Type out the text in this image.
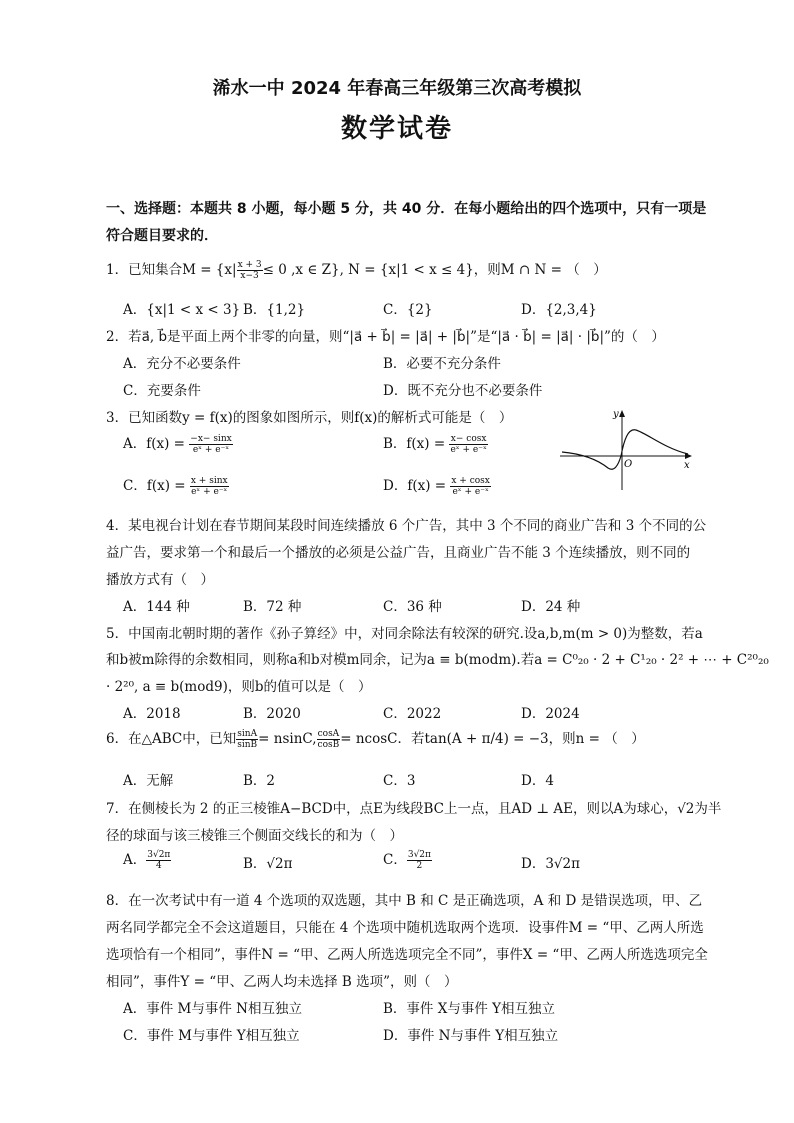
浠水一中 2024 年春高三年级第三次高考模拟
数学试卷
一、选择题：本题共 8 小题，每小题 5 分，共 40 分．在每小题给出的四个选项中，只有一项是符合题目要求的．
1．已知集合$M = \{x| \frac{x + 3}{x-3} \le 0$ ,x ∈ Z}, N = {x|1 < x ≤ 4}，则M ∩ N = （　）
A．{x|1 < x < 3} B．{1,2}	C．{2}	D．{2,3,4}
2．若a⃗, b⃗是平面上两个非零的向量，则“|a⃗ + b⃗| = |a⃗| + |b⃗|”是“|a⃗ · b⃗| = |a⃗| · |b⃗|”的（　）
A．充分不必要条件	B．必要不充分条件
C．充要条件	D．既不充分也不必要条件
3．已知函数y = f(x)的图象如图所示，则f(x)的解析式可能是（　）
A．$f(x) = \frac{-x- \sin x}{\text{eˣ + e⁻ˣ}}$	B．$f(x) = \frac{x- \cos x}{\text{eˣ + e⁻ˣ}}$
C．$f(x) = \frac{x + \sin x}{\text{eˣ + e⁻ˣ}}$	D．$f(x) = \frac{x + \cos x}{\text{eˣ + e⁻ˣ}}$
y
x
O
4．某电视台计划在春节期间某段时间连续播放 6 个广告，其中 3 个不同的商业广告和 3 个不同的公
益广告，要求第一个和最后一个播放的必须是公益广告，且商业广告不能 3 个连续播放，则不同的
播放方式有（　）
A．144 种	B．72 种	C．36 种	D．24 种
5．中国南北朝时期的著作《孙子算经》中，对同余除法有较深的研究.设a,b,m(m > 0)为整数，若a
和b被m除得的余数相同，则称a和b对模m同余，记为a ≡ b(modm).若a = C⁰₂₀ · 2 + C¹₂₀ · 2² + ⋯ + C²⁰₂₀
· 2²⁰, a ≡ b(mod9)，则b的值可以是（　）
A．2018	B．2020	C．2022	D．2024
6．在△ABC中，已知 $\frac{\sin A}{\sin B} = nsinC$, $\frac{\cos A}{\cos B} = ncosC$．若tan(A + π/4) = −3，则n = （　）
A．无解	B．2	C．3	D．4
7．在侧棱长为 2 的正三棱锥A−BCD中，点E为线段BC上一点，且AD ⊥ AE，则以A为球心，√2为半
径的球面与该三棱锥三个侧面交线长的和为（　）
A． $\frac{3√2\pi}{4}$	B．√2π	C． $\frac{3√2\pi}{2}$	D．3√2π
8．在一次考试中有一道 4 个选项的双选题，其中 B 和 C 是正确选项，A 和 D 是错误选项，甲、乙
两名同学都完全不会这道题目，只能在 4 个选项中随机选取两个选项．设事件M = “甲、乙两人所选
选项恰有一个相同”，事件N = “甲、乙两人所选选项完全不同”，事件X = “甲、乙两人所选选项完全
相同”，事件Y = “甲、乙两人均未选择 B 选项”，则（　）
A．事件 M与事件 N相互独立	B．事件 X与事件 Y相互独立
C．事件 M与事件 Y相互独立	D．事件 N与事件 Y相互独立
